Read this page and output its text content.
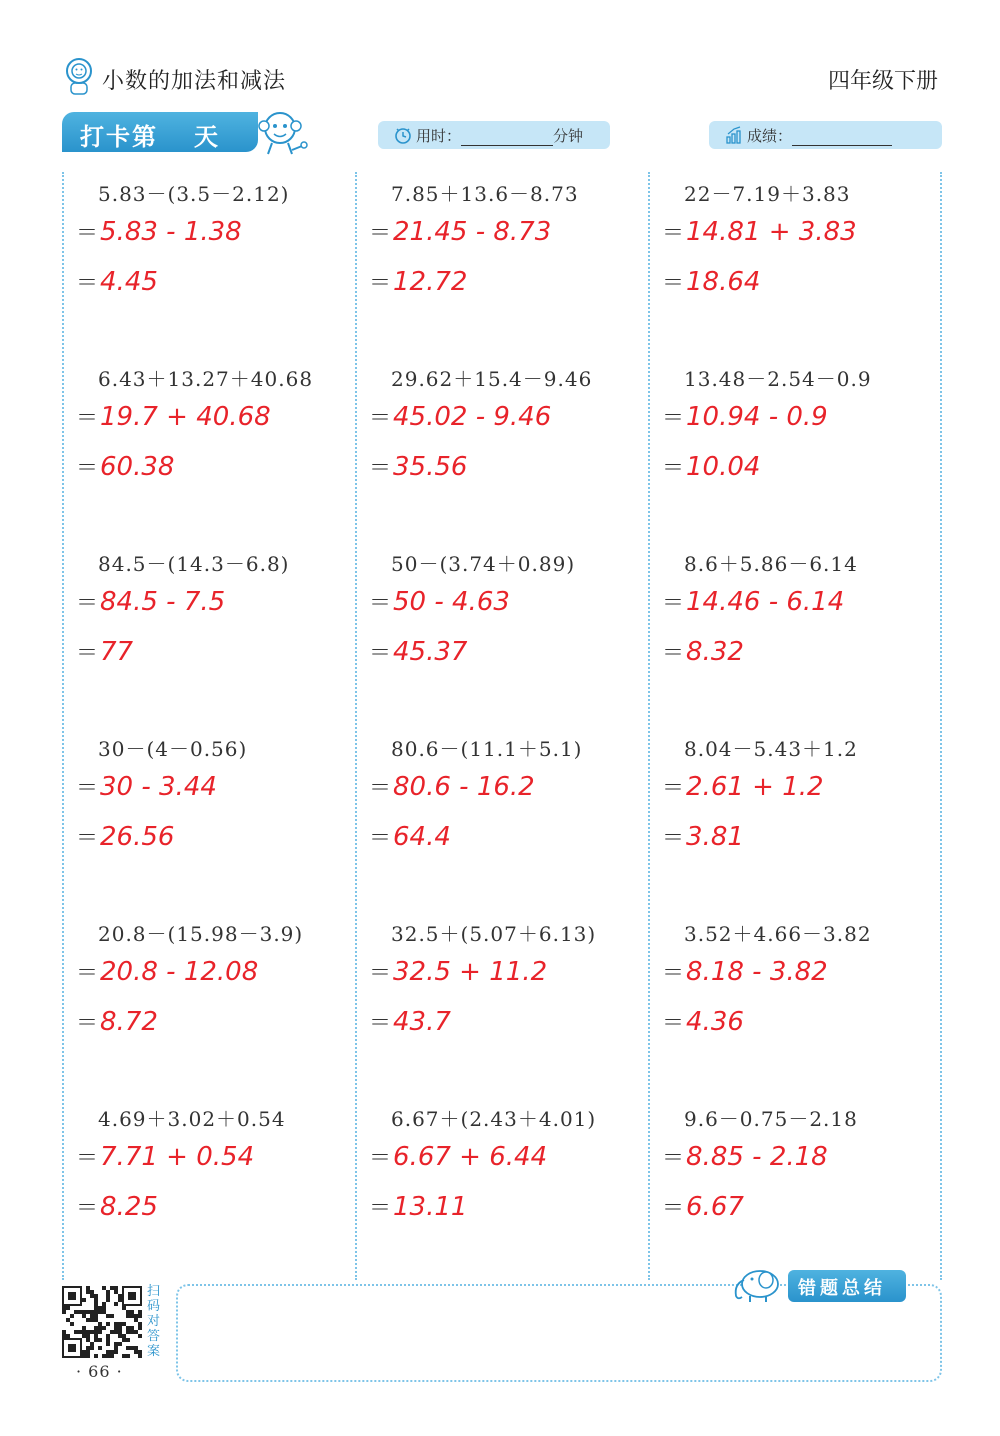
小数的加法和减法	四年级下册
打卡第 天	用时：	分钟	成绩：
5.83－(3.5－2.12)
＝5.83 - 1.38
＝4.45
7.85＋13.6－8.73
＝21.45 - 8.73
＝12.72
22－7.19＋3.83
＝14.81 + 3.83
＝18.64
6.43＋13.27＋40.68
＝19.7 + 40.68
＝60.38
29.62＋15.4－9.46
＝45.02 - 9.46
＝35.56
13.48－2.54－0.9
＝10.94 - 0.9
＝10.04
84.5－(14.3－6.8)
＝84.5 - 7.5
＝77
50－(3.74＋0.89)
＝50 - 4.63
＝45.37
8.6＋5.86－6.14
＝14.46 - 6.14
＝8.32
30－(4－0.56)
＝30 - 3.44
＝26.56
80.6－(11.1＋5.1)
＝80.6 - 16.2
＝64.4
8.04－5.43＋1.2
＝2.61 + 1.2
＝3.81
20.8－(15.98－3.9)
＝20.8 - 12.08
＝8.72
32.5＋(5.07＋6.13)
＝32.5 + 11.2
＝43.7
3.52＋4.66－3.82
＝8.18 - 3.82
＝4.36
4.69＋3.02＋0.54
＝7.71 + 0.54
＝8.25
6.67＋(2.43＋4.01)
＝6.67 + 6.44
＝13.11
9.6－0.75－2.18
＝8.85 - 2.18
＝6.67
错题总结
扫码对答案
· 66 ·
